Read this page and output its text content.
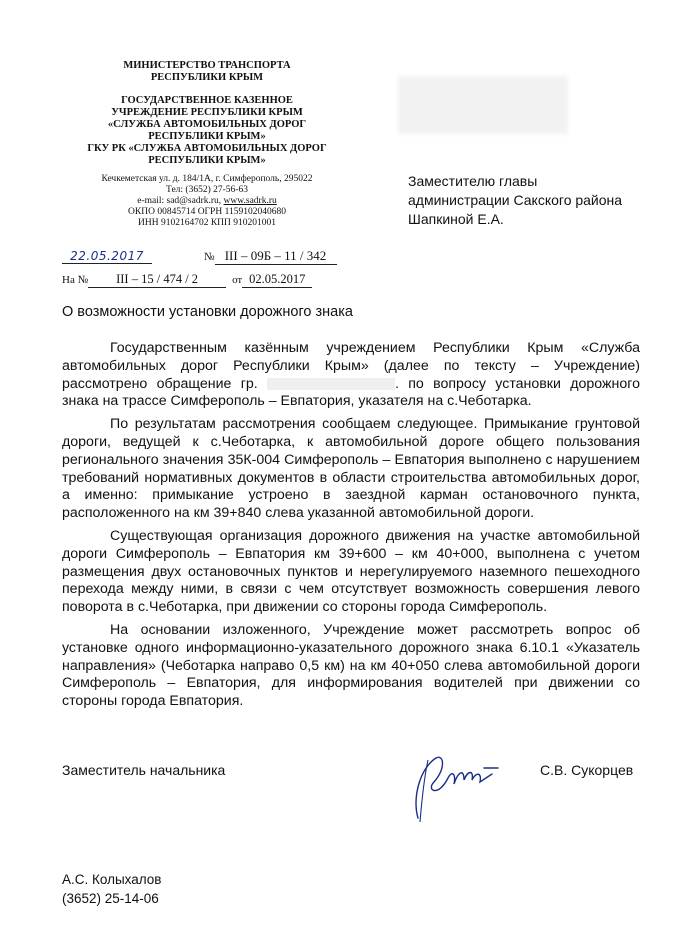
МИНИСТЕРСТВО ТРАНСПОРТА
РЕСПУБЛИКИ КРЫМ
ГОСУДАРСТВЕННОЕ КАЗЕННОЕ
УЧРЕЖДЕНИЕ РЕСПУБЛИКИ КРЫМ
«СЛУЖБА АВТОМОБИЛЬНЫХ ДОРОГ
РЕСПУБЛИКИ КРЫМ»
ГКУ РК «СЛУЖБА АВТОМОБИЛЬНЫХ ДОРОГ
РЕСПУБЛИКИ КРЫМ»
Кечкеметская ул. д. 184/1А, г. Симферополь, 295022
Тел: (3652) 27-56-63
e-mail: sad@sadrk.ru, www.sadrk.ru
ОКПО 00845714 ОГРН 1159102040680
ИНН 9102164702 КПП 910201001
Заместителю главы
администрации Сакского района
Шапкиной Е.А.
22.05.2017	№ III – 09Б – 11 / 342
На № III – 15 / 474 / 2	от 02.05.2017
О возможности установки дорожного знака

Государственным казённым учреждением Республики Крым «Служба автомобильных дорог Республики Крым» (далее по тексту – Учреждение) рассмотрено обращение гр.	. по вопросу установки дорожного знака на трассе Симферополь – Евпатория, указателя на с.Чеботарка.

По результатам рассмотрения сообщаем следующее. Примыкание грунтовой дороги, ведущей к с.Чеботарка, к автомобильной дороге общего пользования регионального значения 35К-004 Симферополь – Евпатория выполнено с нарушением требований нормативных документов в области строительства автомобильных дорог, а именно: примыкание устроено в заездной карман остановочного пункта, расположенного на км 39+840 слева указанной автомобильной дороги.

Существующая организация дорожного движения на участке автомобильной дороги Симферополь – Евпатория км 39+600 – км 40+000, выполнена с учетом размещения двух остановочных пунктов и нерегулируемого наземного пешеходного перехода между ними, в связи с чем отсутствует возможность совершения левого поворота в с.Чеботарка, при движении со стороны города Симферополь.

На основании изложенного, Учреждение может рассмотреть вопрос об установке одного информационно-указательного дорожного знака 6.10.1 «Указатель направления» (Чеботарка направо 0,5 км) на км 40+050 слева автомобильной дороги Симферополь – Евпатория, для информирования водителей при движении со стороны города Евпатория.

Заместитель начальника	С.В. Сукорцев
А.С. Колыхалов
(3652) 25-14-06
